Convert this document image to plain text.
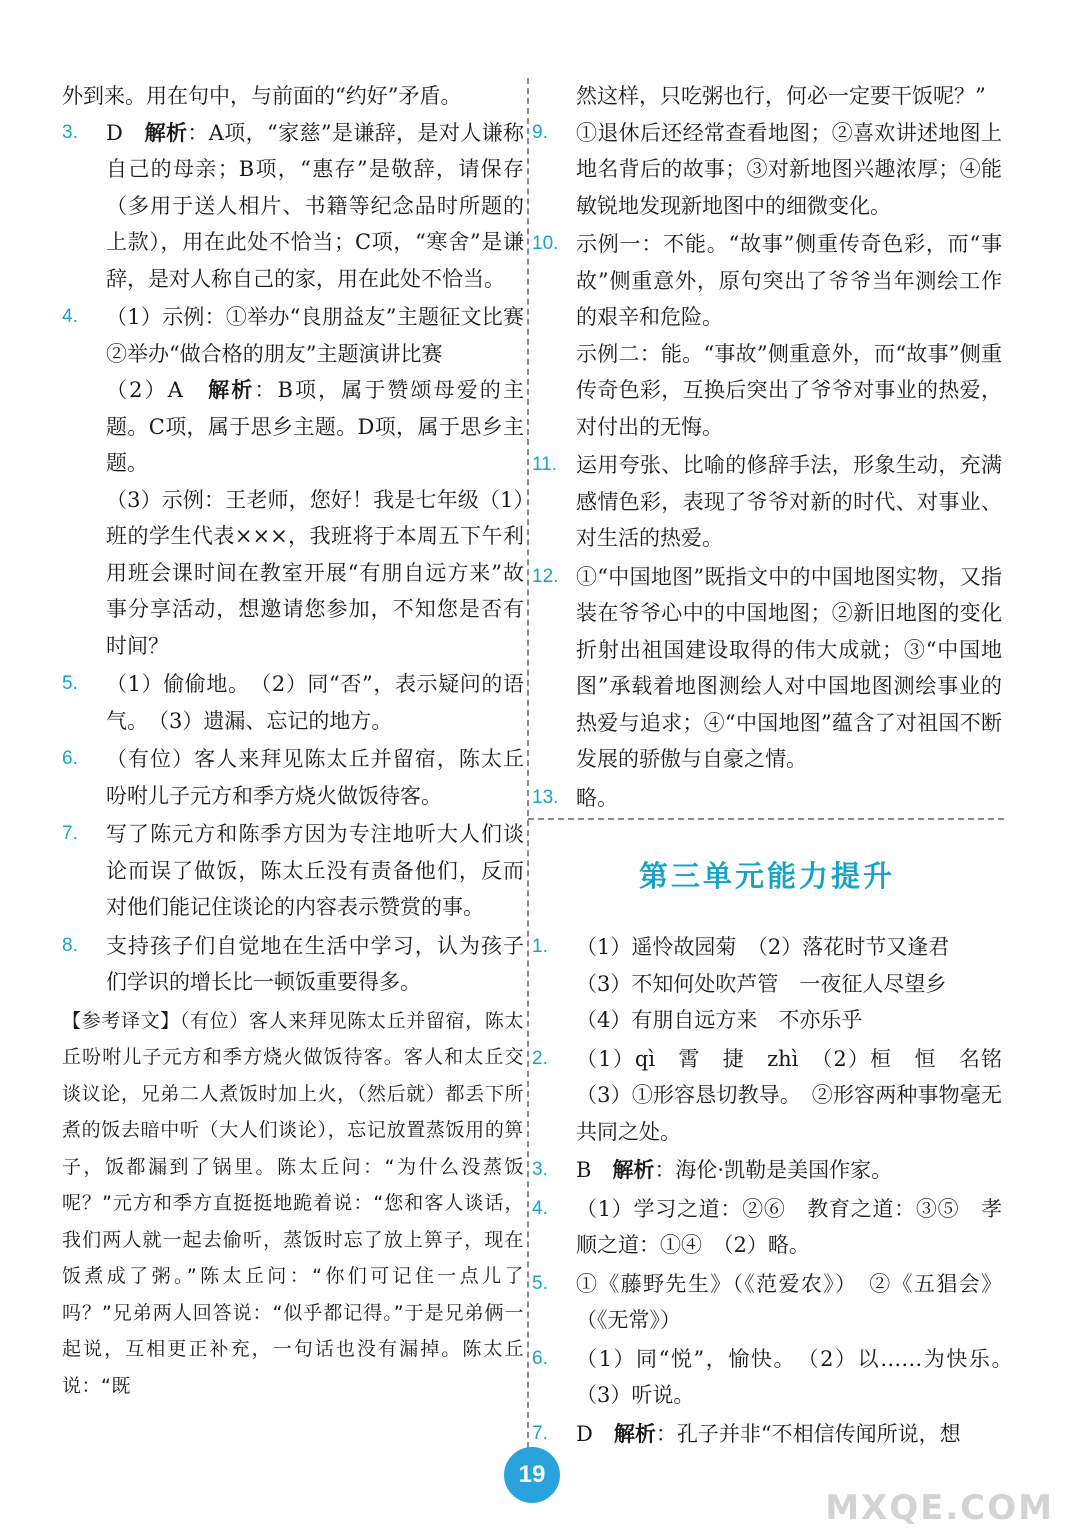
外到来。用在句中，与前面的“约好”矛盾。
3.	D　解析：A项，“家慈”是谦辞，是对人谦称自己的母亲；B项，“惠存”是敬辞，请保存（多用于送人相片、书籍等纪念品时所题的上款），用在此处不恰当；C项，“寒舍”是谦辞，是对人称自己的家，用在此处不恰当。
4.	（1）示例：①举办“良朋益友”主题征文比赛　②举办“做合格的朋友”主题演讲比赛
（2）A　解析：B项，属于赞颂母爱的主题。C项，属于思乡主题。D项，属于思乡主题。
（3）示例：王老师，您好！我是七年级（1）班的学生代表×××，我班将于本周五下午利用班会课时间在教室开展“有朋自远方来”故事分享活动，想邀请您参加，不知您是否有时间？
5.	（1）偷偷地。　（2）同“否”，表示疑问的语气。　（3）遗漏、忘记的地方。
6.	（有位）客人来拜见陈太丘并留宿，陈太丘吩咐儿子元方和季方烧火做饭待客。
7.	写了陈元方和陈季方因为专注地听大人们谈论而误了做饭，陈太丘没有责备他们，反而对他们能记住谈论的内容表示赞赏的事。
8.	支持孩子们自觉地在生活中学习，认为孩子们学识的增长比一顿饭重要得多。
【参考译文】（有位）客人来拜见陈太丘并留宿，陈太丘吩咐儿子元方和季方烧火做饭待客。客人和太丘交谈议论，兄弟二人煮饭时加上火，（然后就）都丢下所煮的饭去暗中听（大人们谈论），忘记放置蒸饭用的箅子，饭都漏到了锅里。陈太丘问：“为什么没蒸饭呢？”元方和季方直挺挺地跪着说：“您和客人谈话，我们两人就一起去偷听，蒸饭时忘了放上箅子，现在饭煮成了粥。”陈太丘问：“你们可记住一点儿了吗？”兄弟两人回答说：“似乎都记得。”于是兄弟俩一起说，互相更正补充，一句话也没有漏掉。陈太丘说：“既
然这样，只吃粥也行，何必一定要干饭呢？”
9.	①退休后还经常查看地图；②喜欢讲述地图上地名背后的故事；③对新地图兴趣浓厚；④能敏锐地发现新地图中的细微变化。
10. 示例一：不能。“故事”侧重传奇色彩，而“事故”侧重意外，原句突出了爷爷当年测绘工作的艰辛和危险。
示例二：能。“事故”侧重意外，而“故事”侧重传奇色彩，互换后突出了爷爷对事业的热爱，对付出的无悔。
11. 运用夸张、比喻的修辞手法，形象生动，充满感情色彩，表现了爷爷对新的时代、对事业、对生活的热爱。
12. ①“中国地图”既指文中的中国地图实物，又指装在爷爷心中的中国地图；②新旧地图的变化折射出祖国建设取得的伟大成就；③“中国地图”承载着地图测绘人对中国地图测绘事业的热爱与追求；④“中国地图”蕴含了对祖国不断发展的骄傲与自豪之情。
13. 略。
第三单元能力提升
1.	（1）遥怜故园菊　（2）落花时节又逢君
（3）不知何处吹芦管　一夜征人尽望乡
（4）有朋自远方来　不亦乐乎
2.	（1）qì　霄　捷　zhì　（2）桓　恒　名铭　（3）①形容恳切教导。　②形容两种事物毫无共同之处。
3.	B　解析：海伦·凯勒是美国作家。
4.	（1）学习之道：②⑥　教育之道：③⑤　孝顺之道：①④　（2）略。
5.	①《藤野先生》（《范爱农》）　②《五猖会》（《无常》）
6.	（1）同“悦”，愉快。　（2）以……为快乐。　（3）听说。
7.	D　解析：孔子并非“不相信传闻所说，想
19
MXQE.COM
